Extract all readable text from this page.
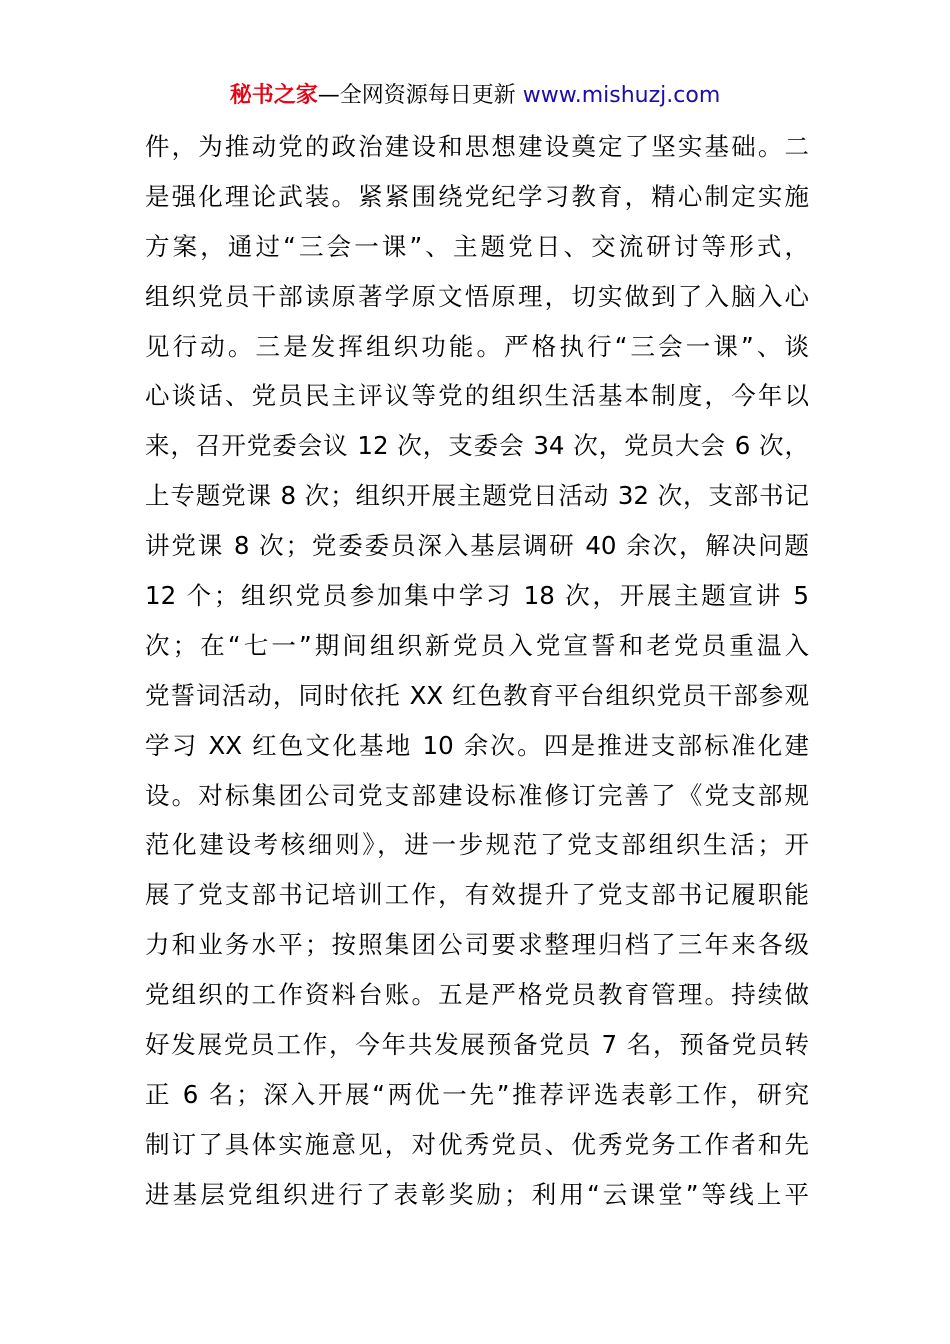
秘书之家—全网资源每日更新 www.mishuzj.com
件，为推动党的政治建设和思想建设奠定了坚实基础。二
是强化理论武装。紧紧围绕党纪学习教育，精心制定实施
方案，通过“三会一课”、主题党日、交流研讨等形式，
组织党员干部读原著学原文悟原理，切实做到了入脑入心
见行动。三是发挥组织功能。严格执行“三会一课”、谈
心谈话、党员民主评议等党的组织生活基本制度，今年以
来，召开党委会议 12 次，支委会 34 次，党员大会 6 次，
上专题党课 8 次；组织开展主题党日活动 32 次，支部书记
讲党课 8 次；党委委员深入基层调研 40 余次，解决问题
12 个；组织党员参加集中学习 18 次，开展主题宣讲 5
次；在“七一”期间组织新党员入党宣誓和老党员重温入
党誓词活动，同时依托 XX 红色教育平台组织党员干部参观
学习 XX 红色文化基地 10 余次。四是推进支部标准化建
设。对标集团公司党支部建设标准修订完善了《党支部规
范化建设考核细则》，进一步规范了党支部组织生活；开
展了党支部书记培训工作，有效提升了党支部书记履职能
力和业务水平；按照集团公司要求整理归档了三年来各级
党组织的工作资料台账。五是严格党员教育管理。持续做
好发展党员工作，今年共发展预备党员 7 名，预备党员转
正 6 名；深入开展“两优一先”推荐评选表彰工作，研究
制订了具体实施意见，对优秀党员、优秀党务工作者和先
进基层党组织进行了表彰奖励；利用“云课堂”等线上平
